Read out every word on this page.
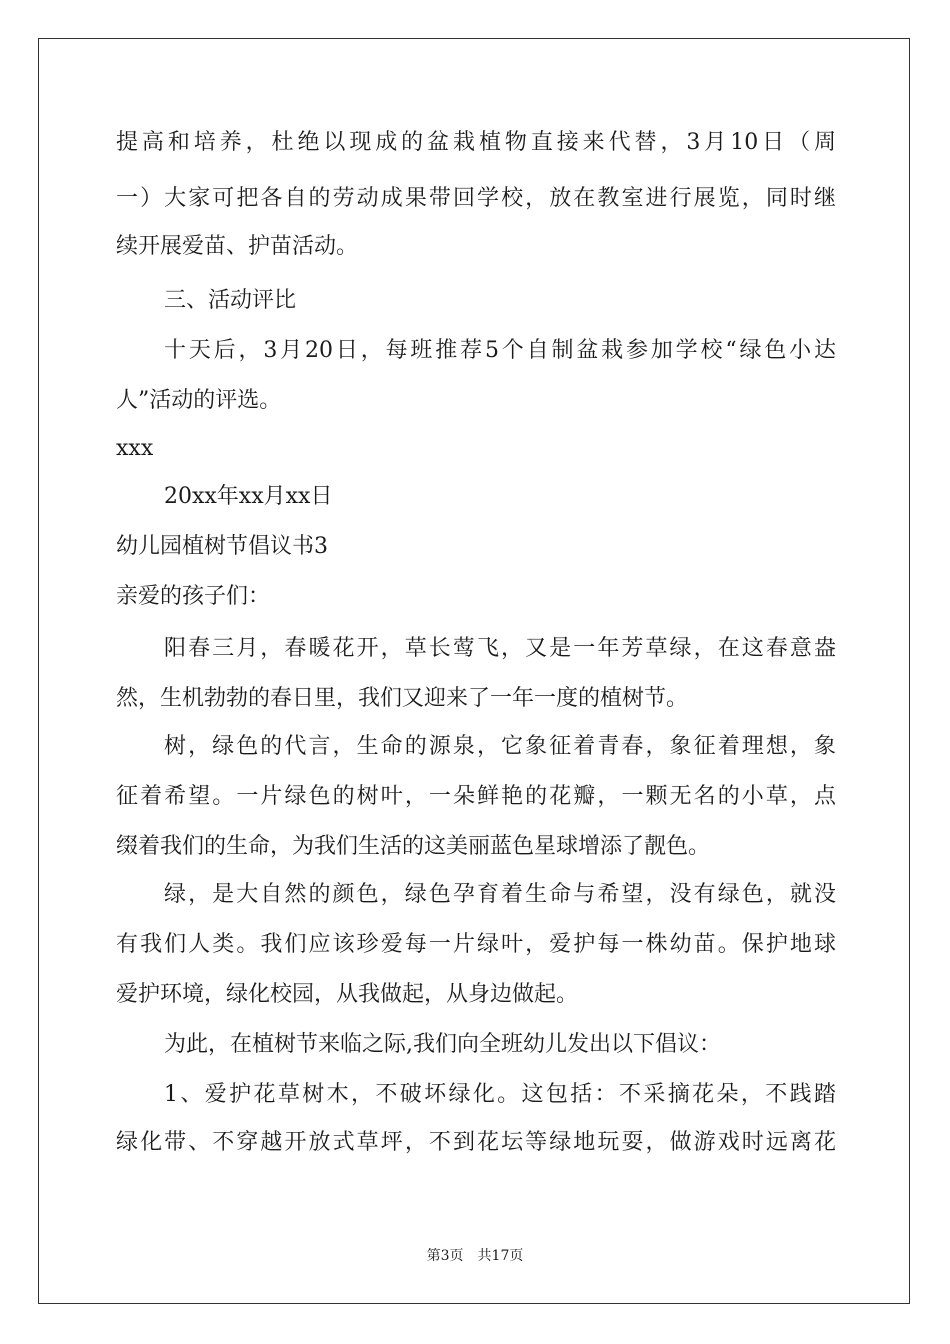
提高和培养，杜绝以现成的盆栽植物直接来代替，3月10日（周
一）大家可把各自的劳动成果带回学校，放在教室进行展览，同时继
续开展爱苗、护苗活动。
三、活动评比
十天后，3月20日，每班推荐5个自制盆栽参加学校“绿色小达
人”活动的评选。
xxx
20xx年xx月xx日
幼儿园植树节倡议书3
亲爱的孩子们：
阳春三月，春暖花开，草长莺飞，又是一年芳草绿，在这春意盎
然，生机勃勃的春日里，我们又迎来了一年一度的植树节。
树，绿色的代言，生命的源泉，它象征着青春，象征着理想，象
征着希望。一片绿色的树叶，一朵鲜艳的花瓣，一颗无名的小草，点
缀着我们的生命，为我们生活的这美丽蓝色星球增添了靓色。
绿，是大自然的颜色，绿色孕育着生命与希望，没有绿色，就没
有我们人类。我们应该珍爱每一片绿叶，爱护每一株幼苗。保护地球
爱护环境，绿化校园，从我做起，从身边做起。
为此，在植树节来临之际,我们向全班幼儿发出以下倡议：
1、爱护花草树木，不破坏绿化。这包括：不采摘花朵，不践踏
绿化带、不穿越开放式草坪，不到花坛等绿地玩耍，做游戏时远离花
第3页 共17页
